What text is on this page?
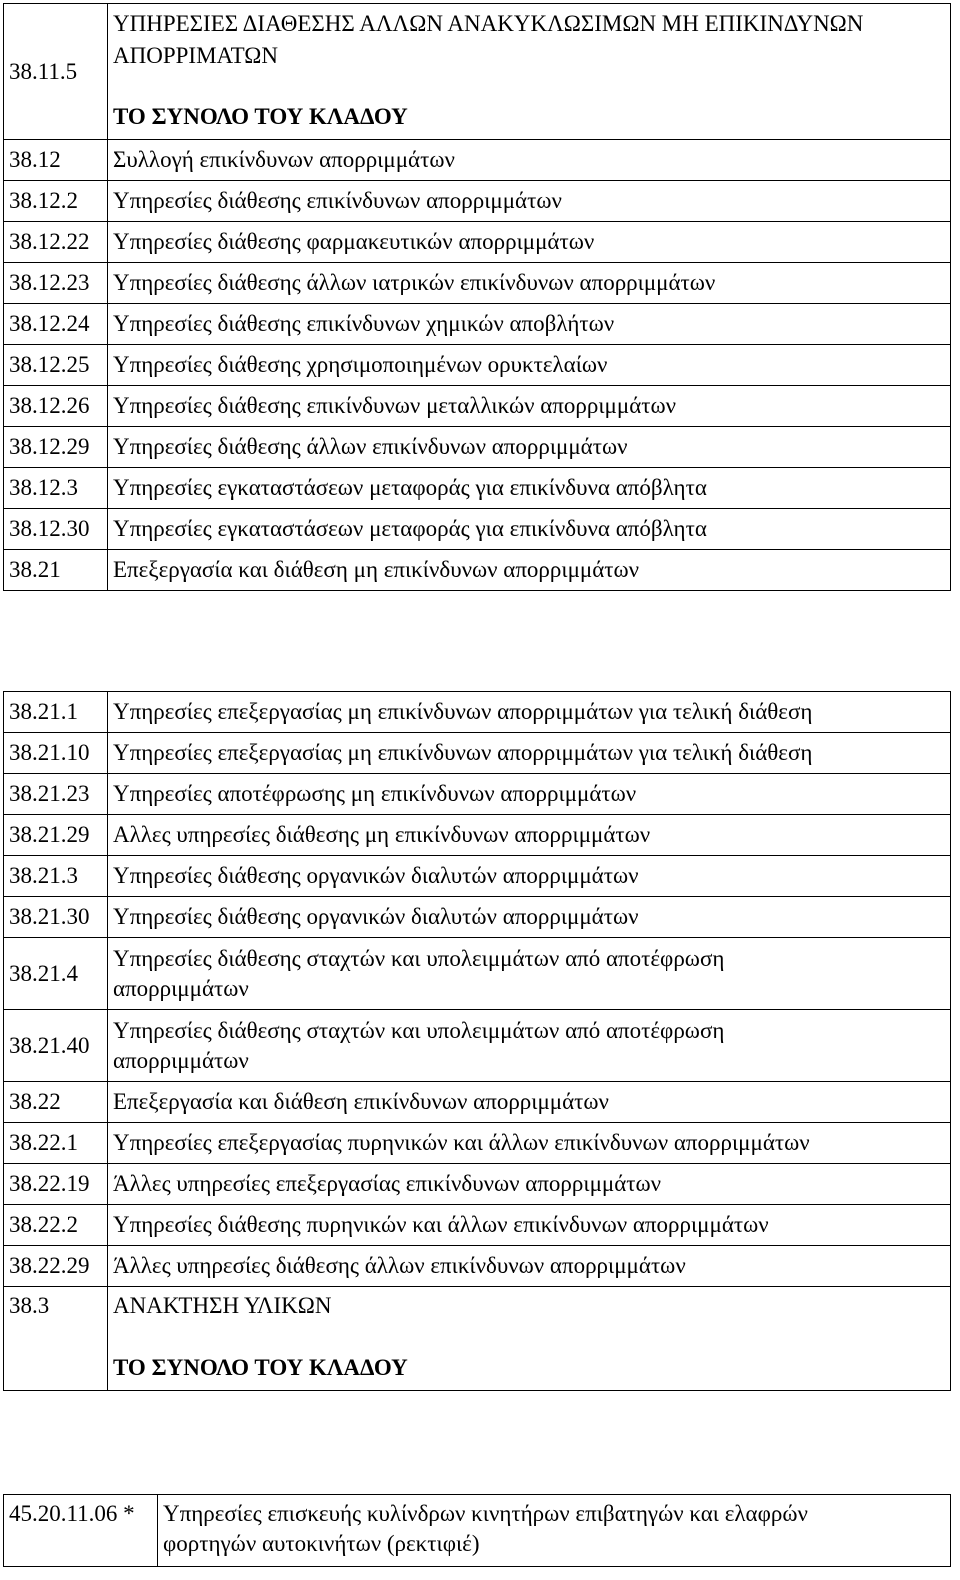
38.11.5	ΥΠΗΡΕΣΙΕΣ ΔΙΑΘΕΣΗΣ ΑΛΛΩΝ ΑΝΑΚΥΚΛΩΣΙΜΩΝ ΜΗ ΕΠΙΚΙΝΔΥΝΩΝ ΑΠΟΡΡΙΜΑΤΩΝ
ΤΟ ΣΥΝΟΛΟ ΤΟΥ ΚΛΑΔΟΥ

38.12	Συλλογή επικίνδυνων απορριμμάτων
38.12.2	Υπηρεσίες διάθεσης επικίνδυνων απορριμμάτων
38.12.22	Υπηρεσίες διάθεσης φαρμακευτικών απορριμμάτων
38.12.23	Υπηρεσίες διάθεσης άλλων ιατρικών επικίνδυνων απορριμμάτων
38.12.24	Υπηρεσίες διάθεσης επικίνδυνων χημικών αποβλήτων
38.12.25	Υπηρεσίες διάθεσης χρησιμοποιημένων ορυκτελαίων
38.12.26	Υπηρεσίες διάθεσης επικίνδυνων μεταλλικών απορριμμάτων
38.12.29	Υπηρεσίες διάθεσης άλλων επικίνδυνων απορριμμάτων
38.12.3	Υπηρεσίες εγκαταστάσεων μεταφοράς για επικίνδυνα απόβλητα
38.12.30	Υπηρεσίες εγκαταστάσεων μεταφοράς για επικίνδυνα απόβλητα
38.21	Επεξεργασία και διάθεση μη επικίνδυνων απορριμμάτων
38.21.1	Υπηρεσίες επεξεργασίας μη επικίνδυνων απορριμμάτων για τελική διάθεση
38.21.10	Υπηρεσίες επεξεργασίας μη επικίνδυνων απορριμμάτων για τελική διάθεση
38.21.23	Υπηρεσίες αποτέφρωσης μη επικίνδυνων απορριμμάτων
38.21.29	Αλλες υπηρεσίες διάθεσης μη επικίνδυνων απορριμμάτων
38.21.3	Υπηρεσίες διάθεσης οργανικών διαλυτών απορριμμάτων
38.21.30	Υπηρεσίες διάθεσης οργανικών διαλυτών απορριμμάτων
38.21.4	Υπηρεσίες διάθεσης σταχτών και υπολειμμάτων από αποτέφρωση απορριμμάτων
38.21.40	Υπηρεσίες διάθεσης σταχτών και υπολειμμάτων από αποτέφρωση απορριμμάτων
38.22	Επεξεργασία και διάθεση επικίνδυνων απορριμμάτων
38.22.1	Υπηρεσίες επεξεργασίας πυρηνικών και άλλων επικίνδυνων απορριμμάτων
38.22.19	Άλλες υπηρεσίες επεξεργασίας επικίνδυνων απορριμμάτων
38.22.2	Υπηρεσίες διάθεσης πυρηνικών και άλλων επικίνδυνων απορριμμάτων
38.22.29	Άλλες υπηρεσίες διάθεσης άλλων επικίνδυνων απορριμμάτων
38.3	ΑΝΑΚΤΗΣΗ ΥΛΙΚΩΝ
ΤΟ ΣΥΝΟΛΟ ΤΟΥ ΚΛΑΔΟΥ
45.20.11.06 *	Υπηρεσίες επισκευής κυλίνδρων κινητήρων επιβατηγών και ελαφρών φορτηγών αυτοκινήτων (ρεκτιφιέ)
